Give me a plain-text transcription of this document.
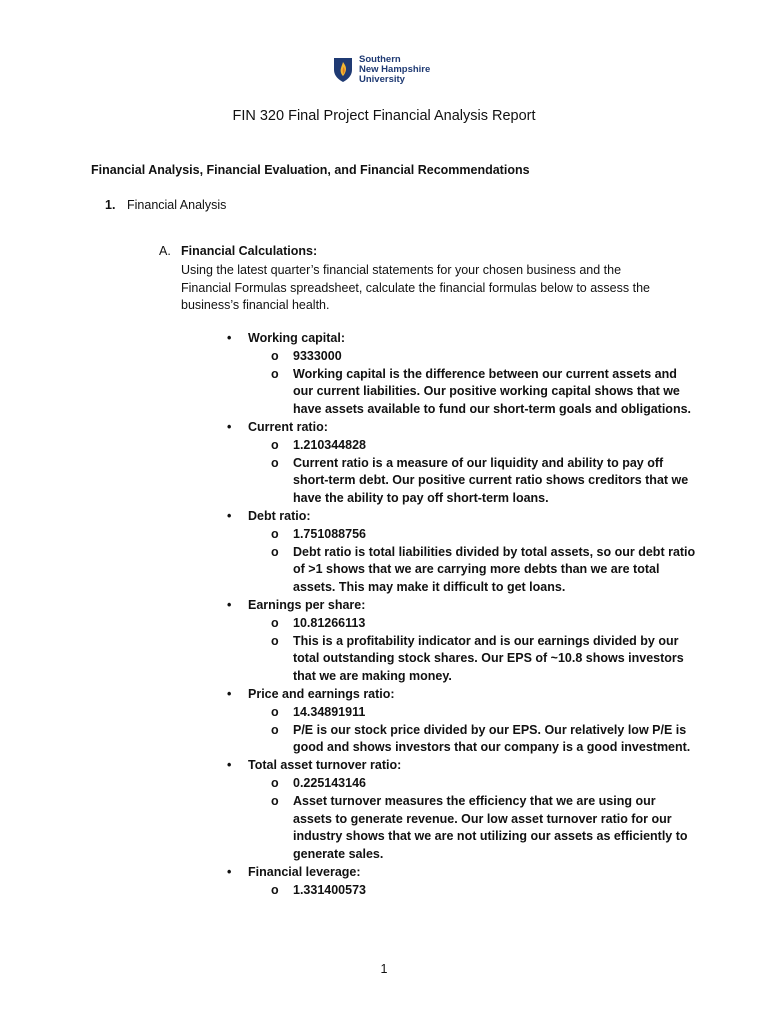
Southern
New Hampshire
University
FIN 320 Final Project Financial Analysis Report
Financial Analysis, Financial Evaluation, and Financial Recommendations
1. Financial Analysis
A. Financial Calculations:
Using the latest quarter’s financial statements for your chosen business and the Financial Formulas spreadsheet, calculate the financial formulas below to assess the business’s financial health.
• Working capital:
o 9333000
o Working capital is the difference between our current assets and our current liabilities. Our positive working capital shows that we have assets available to fund our short-term goals and obligations.
• Current ratio:
o 1.210344828
o Current ratio is a measure of our liquidity and ability to pay off short-term debt. Our positive current ratio shows creditors that we have the ability to pay off short-term loans.
• Debt ratio:
o 1.751088756
o Debt ratio is total liabilities divided by total assets, so our debt ratio of >1 shows that we are carrying more debts than we are total assets. This may make it difficult to get loans.
• Earnings per share:
o 10.81266113
o This is a profitability indicator and is our earnings divided by our total outstanding stock shares. Our EPS of ~10.8 shows investors that we are making money.
• Price and earnings ratio:
o 14.34891911
o P/E is our stock price divided by our EPS. Our relatively low P/E is good and shows investors that our company is a good investment.
• Total asset turnover ratio:
o 0.225143146
o Asset turnover measures the efficiency that we are using our assets to generate revenue. Our low asset turnover ratio for our industry shows that we are not utilizing our assets as efficiently to generate sales.
• Financial leverage:
o 1.331400573
1
